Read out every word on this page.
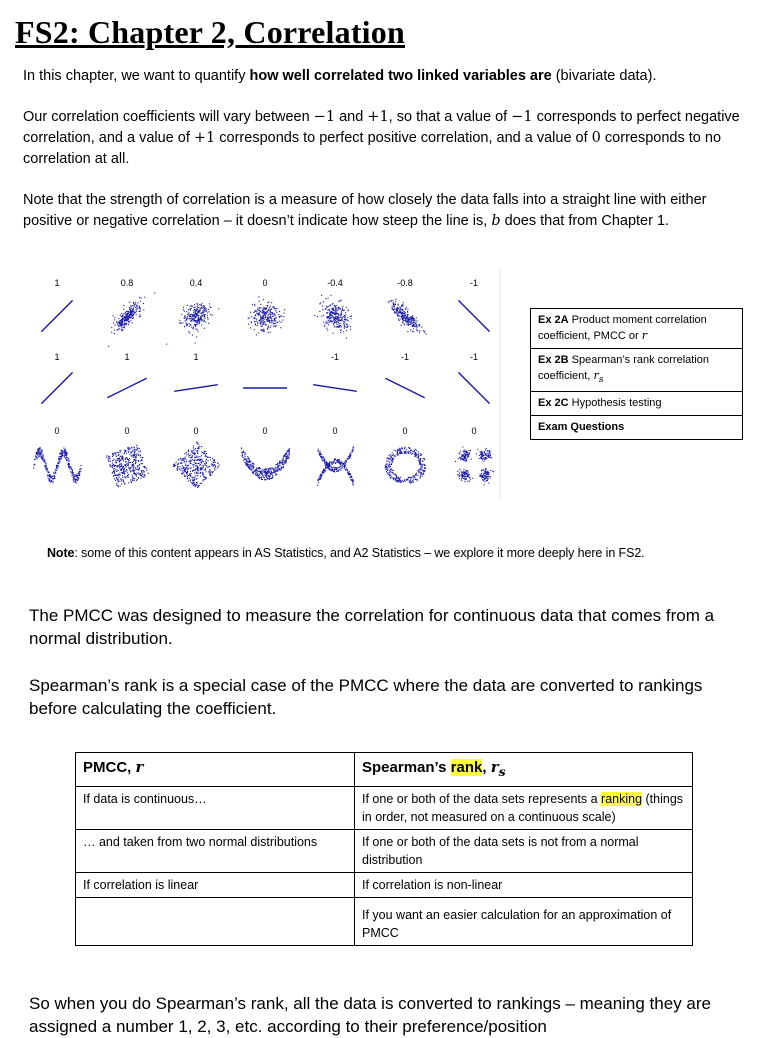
FS2: Chapter 2, Correlation

In this chapter, we want to quantify how well correlated two linked variables are (bivariate data).

Our correlation coefficients will vary between −1 and +1, so that a value of −1 corresponds to perfect negative correlation, and a value of +1 corresponds to perfect positive correlation, and a value of 0 corresponds to no correlation at all.

Note that the strength of correlation is a measure of how closely the data falls into a straight line with either positive or negative correlation – it doesn’t indicate how steep the line is, b does that from Chapter 1.

1	0.8	0.4	0	-0.4	-0.8	-1
1	1	1	-1	-1	-1
0	0	0	0	0	0	0
Ex 2A Product moment correlation coefficient, PMCC or r
Ex 2B Spearman’s rank correlation coefficient, $r_s$
Ex 2C Hypothesis testing
Exam Questions

Note: some of this content appears in AS Statistics, and A2 Statistics – we explore it more deeply here in FS2.

The PMCC was designed to measure the correlation for continuous data that comes from a normal distribution.

Spearman’s rank is a special case of the PMCC where the data are converted to rankings before calculating the coefficient.

PMCC, r	Spearman’s rank, $r_s$
If data is continuous…	If one or both of the data sets represents a ranking (things in order, not measured on a continuous scale)
… and taken from two normal distributions	If one or both of the data sets is not from a normal distribution
If correlation is linear	If correlation is non-linear
	If you want an easier calculation for an approximation of PMCC

So when you do Spearman’s rank, all the data is converted to rankings – meaning they are assigned a number 1, 2, 3, etc. according to their preference/position
